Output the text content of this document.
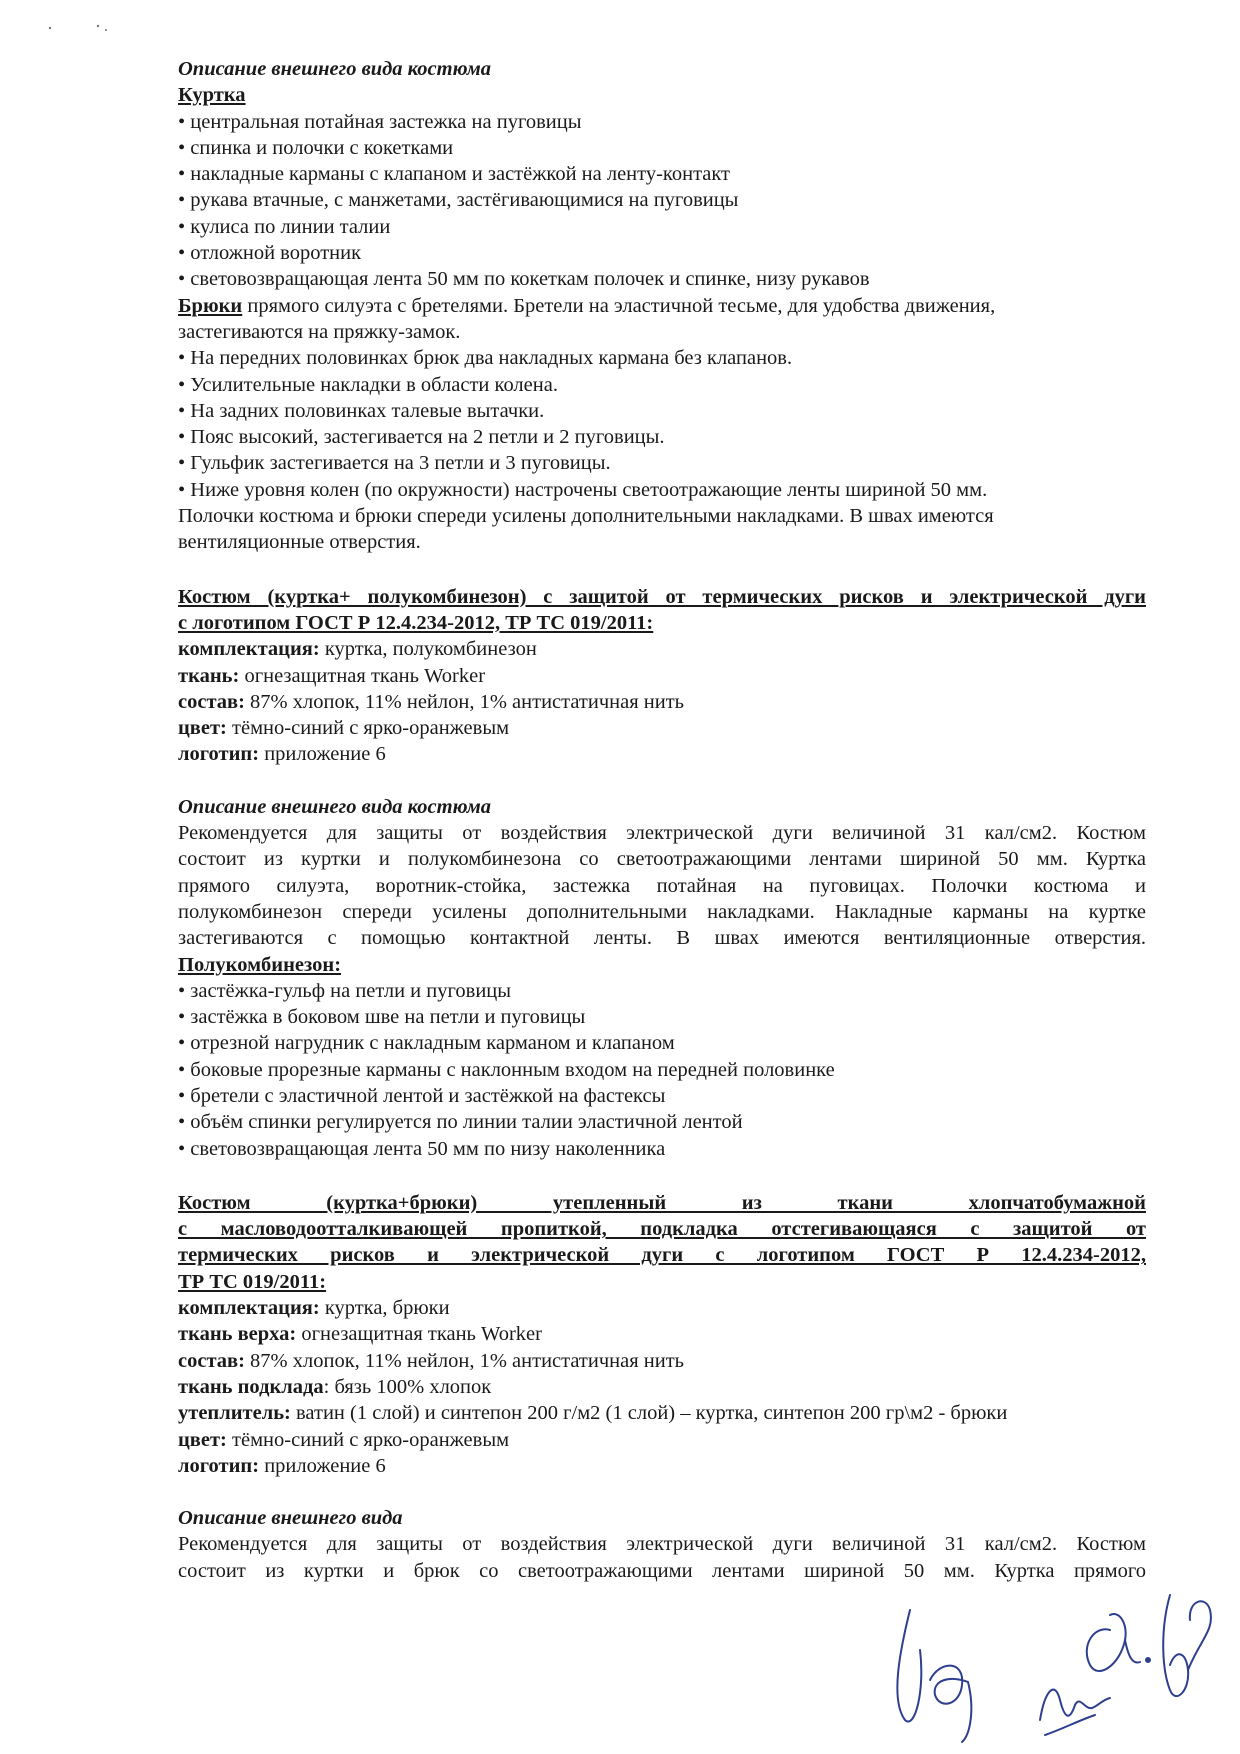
Описание внешнего вида костюма

Куртка

• центральная потайная застежка на пуговицы

• спинка и полочки с кокетками

• накладные карманы с клапаном и застёжкой на ленту-контакт

• рукава втачные, с манжетами, застёгивающимися на пуговицы

• кулиса по линии талии

• отложной воротник

• световозвращающая лента 50 мм по кокеткам полочек и спинке, низу рукавов

Брюки прямого силуэта с бретелями. Бретели на эластичной тесьме, для удобства движения,

застегиваются на пряжку-замок.

• На передних половинках брюк два накладных кармана без клапанов.

• Усилительные накладки в области колена.

• На задних половинках талевые вытачки.

• Пояс высокий, застегивается на 2 петли и 2 пуговицы.

• Гульфик застегивается на 3 петли и 3 пуговицы.

• Ниже уровня колен (по окружности) настрочены светоотражающие ленты шириной 50 мм.

Полочки костюма и брюки спереди усилены дополнительными накладками. В швах имеются

вентиляционные отверстия.

Костюм (куртка+ полукомбинезон) с защитой от термических рисков и электрической дуги

с логотипом ГОСТ Р 12.4.234-2012, ТР ТС 019/2011:

комплектация: куртка, полукомбинезон

ткань: огнезащитная ткань Worker

состав: 87% хлопок, 11% нейлон, 1% антистатичная нить

цвет: тёмно-синий с ярко-оранжевым

логотип: приложение 6

Описание внешнего вида костюма

Рекомендуется для защиты от воздействия электрической дуги величиной 31 кал/см2. Костюм

состоит из куртки и полукомбинезона со светоотражающими лентами шириной 50 мм. Куртка

прямого силуэта, воротник-стойка, застежка потайная на пуговицах. Полочки костюма и

полукомбинезон спереди усилены дополнительными накладками. Накладные карманы на куртке

застегиваются с помощью контактной ленты. В швах имеются вентиляционные отверстия.

Полукомбинезон:

• застёжка-гульф на петли и пуговицы

• застёжка в боковом шве на петли и пуговицы

• отрезной нагрудник с накладным карманом и клапаном

• боковые прорезные карманы с наклонным входом на передней половинке

• бретели с эластичной лентой и застёжкой на фастексы

• объём спинки регулируется по линии талии эластичной лентой

• световозвращающая лента 50 мм по низу наколенника

Костюм (куртка+брюки) утепленный из ткани хлопчатобумажной

с масловодоотталкивающей пропиткой, подкладка отстегивающаяся с защитой от

термических рисков и электрической дуги с логотипом ГОСТ Р 12.4.234-2012,

ТР ТС 019/2011:

комплектация: куртка, брюки

ткань верха: огнезащитная ткань Worker

состав: 87% хлопок, 11% нейлон, 1% антистатичная нить

ткань подклада: бязь 100% хлопок

утеплитель: ватин (1 слой) и синтепон 200 г/м2 (1 слой) – куртка, синтепон 200 гр\м2 - брюки

цвет: тёмно-синий с ярко-оранжевым

логотип: приложение 6

Описание внешнего вида

Рекомендуется для защиты от воздействия электрической дуги величиной 31 кал/см2. Костюм

состоит из куртки и брюк со светоотражающими лентами шириной 50 мм. Куртка прямого
